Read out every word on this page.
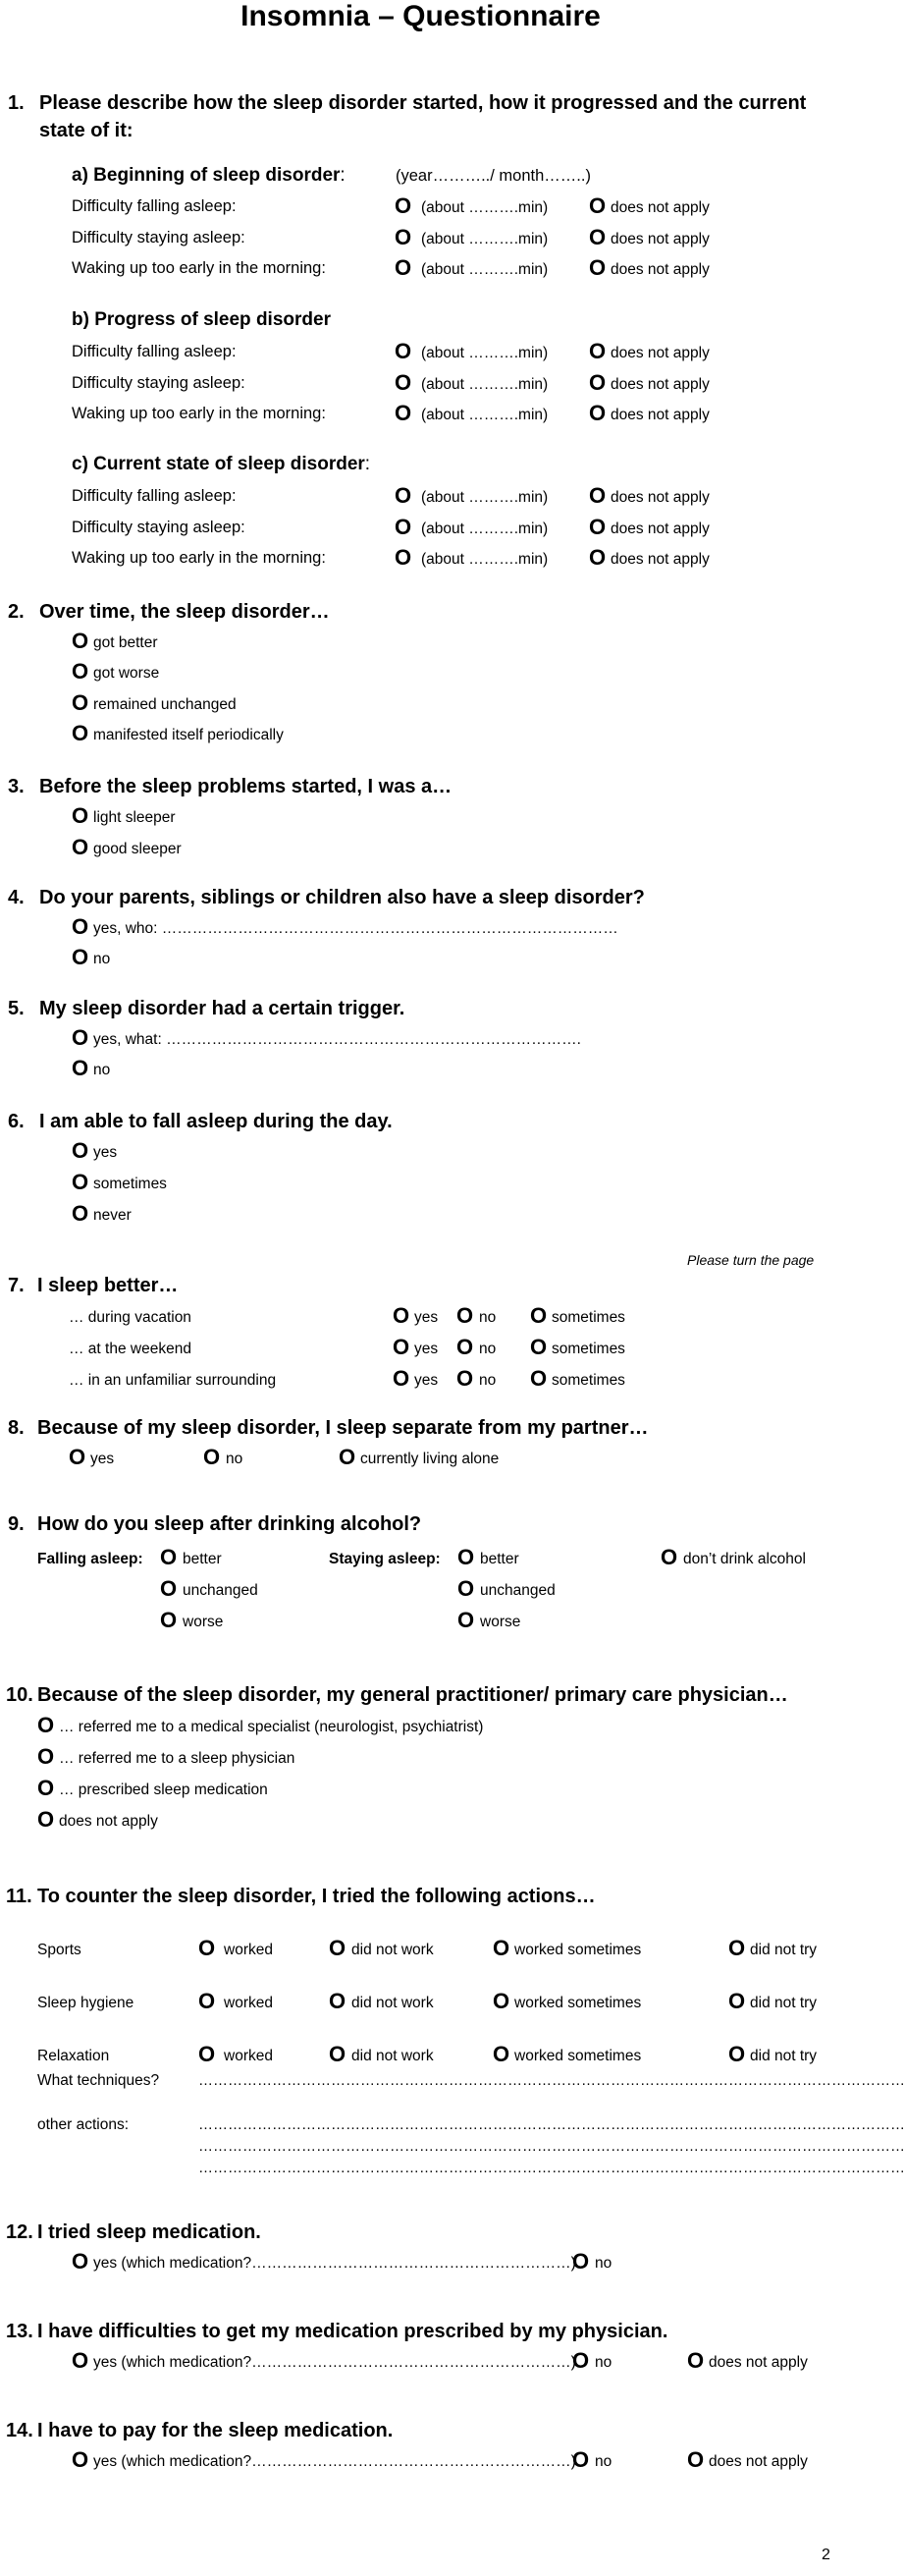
Insomnia – Questionnaire
1. Please describe how the sleep disorder started, how it progressed and the current
state of it:
a) Beginning of sleep disorder:	(year………../ month……..)
Difficulty falling asleep:	O (about ……….min) O does not apply
Difficulty staying asleep:	O (about ……….min) O does not apply
Waking up too early in the morning:	O (about ……….min) O does not apply
b) Progress of sleep disorder
Difficulty falling asleep:	O (about ……….min) O does not apply
Difficulty staying asleep:	O (about ……….min) O does not apply
Waking up too early in the morning:	O (about ……….min) O does not apply
c) Current state of sleep disorder:
Difficulty falling asleep:	O (about ……….min) O does not apply
Difficulty staying asleep:	O (about ……….min) O does not apply
Waking up too early in the morning:	O (about ……….min) O does not apply
2. Over time, the sleep disorder…
O got better
O got worse
O remained unchanged
O manifested itself periodically
3. Before the sleep problems started, I was a…
O light sleeper
O good sleeper
4. Do your parents, siblings or children also have a sleep disorder?
O yes, who: ………………………………………………………………………………
O no
5. My sleep disorder had a certain trigger.
O yes, what: ……………………………………………………………………….
O no
6. I am able to fall asleep during the day.
O yes
O sometimes
O never
Please turn the page
7. I sleep better…
… during vacation	O yes O no O sometimes
… at the weekend	O yes O no O sometimes
… in an unfamiliar surrounding	O yes O no O sometimes
8. Because of my sleep disorder, I sleep separate from my partner…
O yes	O no	O currently living alone
9. How do you sleep after drinking alcohol?
Falling asleep: O better
O unchanged
O worse
Staying asleep: O better
O unchanged
O worse
O don’t drink alcohol
10. Because of the sleep disorder, my general practitioner/ primary care physician…
O … referred me to a medical specialist (neurologist, psychiatrist)
O … referred me to a sleep physician
O … prescribed sleep medication
O does not apply
11. To counter the sleep disorder, I tried the following actions…
Sports	O worked	O did not work	O worked sometimes	O did not try
Sleep hygiene	O worked	O did not work	O worked sometimes	O did not try
Relaxation	O worked	O did not work	O worked sometimes	O did not try
What techniques?	………………………………………………………………………………………………………………………………
other actions:	………………………………………………………………………………………………………………………………
………………………………………………………………………………………………………………………………
………………………………………………………………………………………………………………………………
12. I tried sleep medication.
O yes (which medication?………………………………………………………)
O no
13. I have difficulties to get my medication prescribed by my physician.
O yes (which medication?………………………………………………………)
O no	O does not apply
14. I have to pay for the sleep medication.
O yes (which medication?………………………………………………………)
O no	O does not apply
2
